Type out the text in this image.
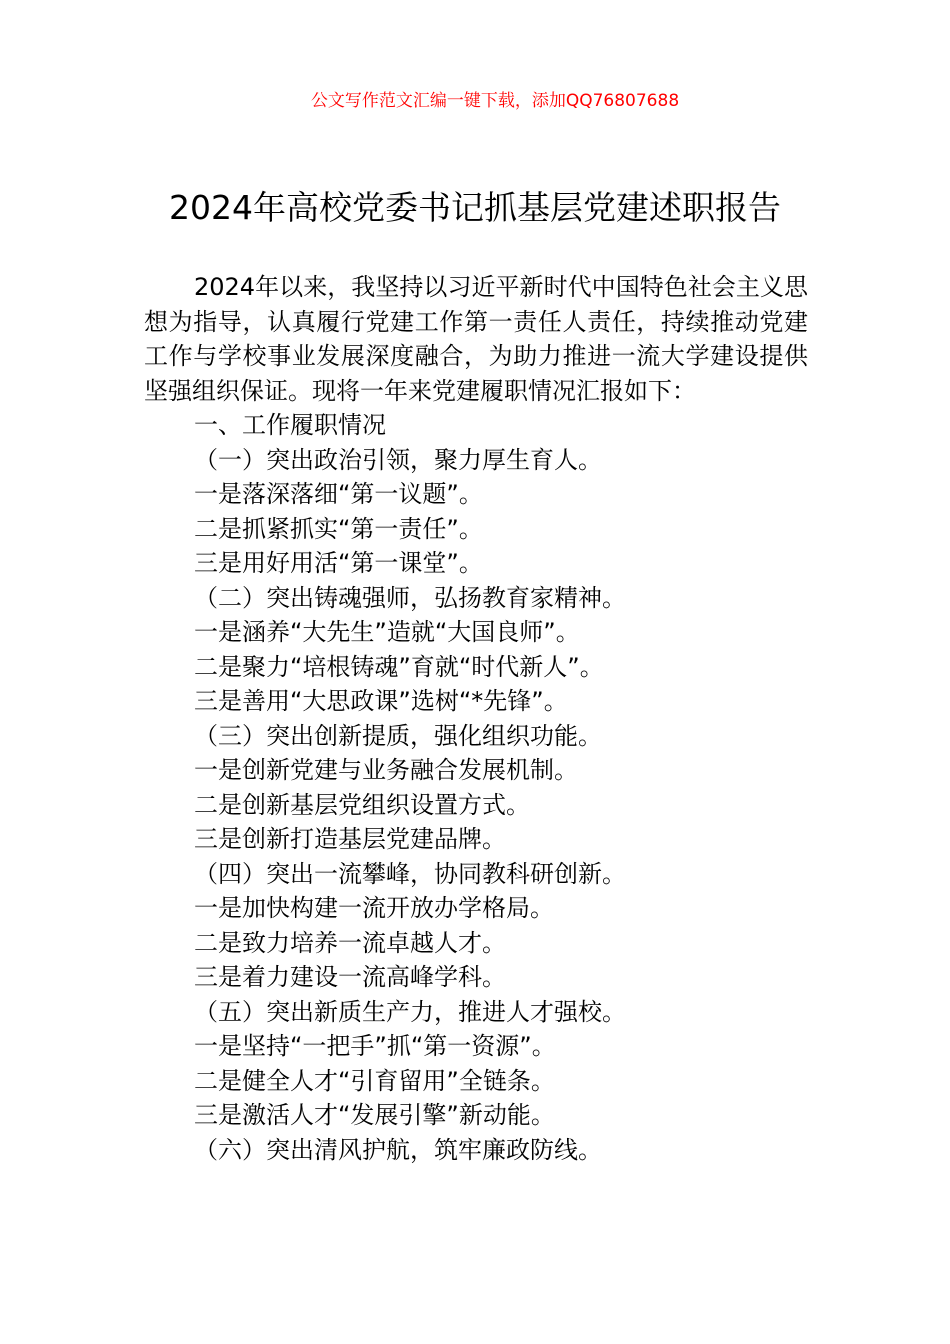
公文写作范文汇编一键下载，添加QQ76807688
2024年高校党委书记抓基层党建述职报告

2024年以来，我坚持以习近平新时代中国特色社会主义思想为指导，认真履行党建工作第一责任人责任，持续推动党建工作与学校事业发展深度融合，为助力推进一流大学建设提供坚强组织保证。现将一年来党建履职情况汇报如下：

一、工作履职情况

（一）突出政治引领，聚力厚生育人。

一是落深落细“第一议题”。

二是抓紧抓实“第一责任”。

三是用好用活“第一课堂”。

（二）突出铸魂强师，弘扬教育家精神。

一是涵养“大先生”造就“大国良师”。

二是聚力“培根铸魂”育就“时代新人”。

三是善用“大思政课”选树“*先锋”。

（三）突出创新提质，强化组织功能。

一是创新党建与业务融合发展机制。

二是创新基层党组织设置方式。

三是创新打造基层党建品牌。

（四）突出一流攀峰，协同教科研创新。

一是加快构建一流开放办学格局。

二是致力培养一流卓越人才。

三是着力建设一流高峰学科。

（五）突出新质生产力，推进人才强校。

一是坚持“一把手”抓“第一资源”。

二是健全人才“引育留用”全链条。

三是激活人才“发展引擎”新动能。

（六）突出清风护航，筑牢廉政防线。
